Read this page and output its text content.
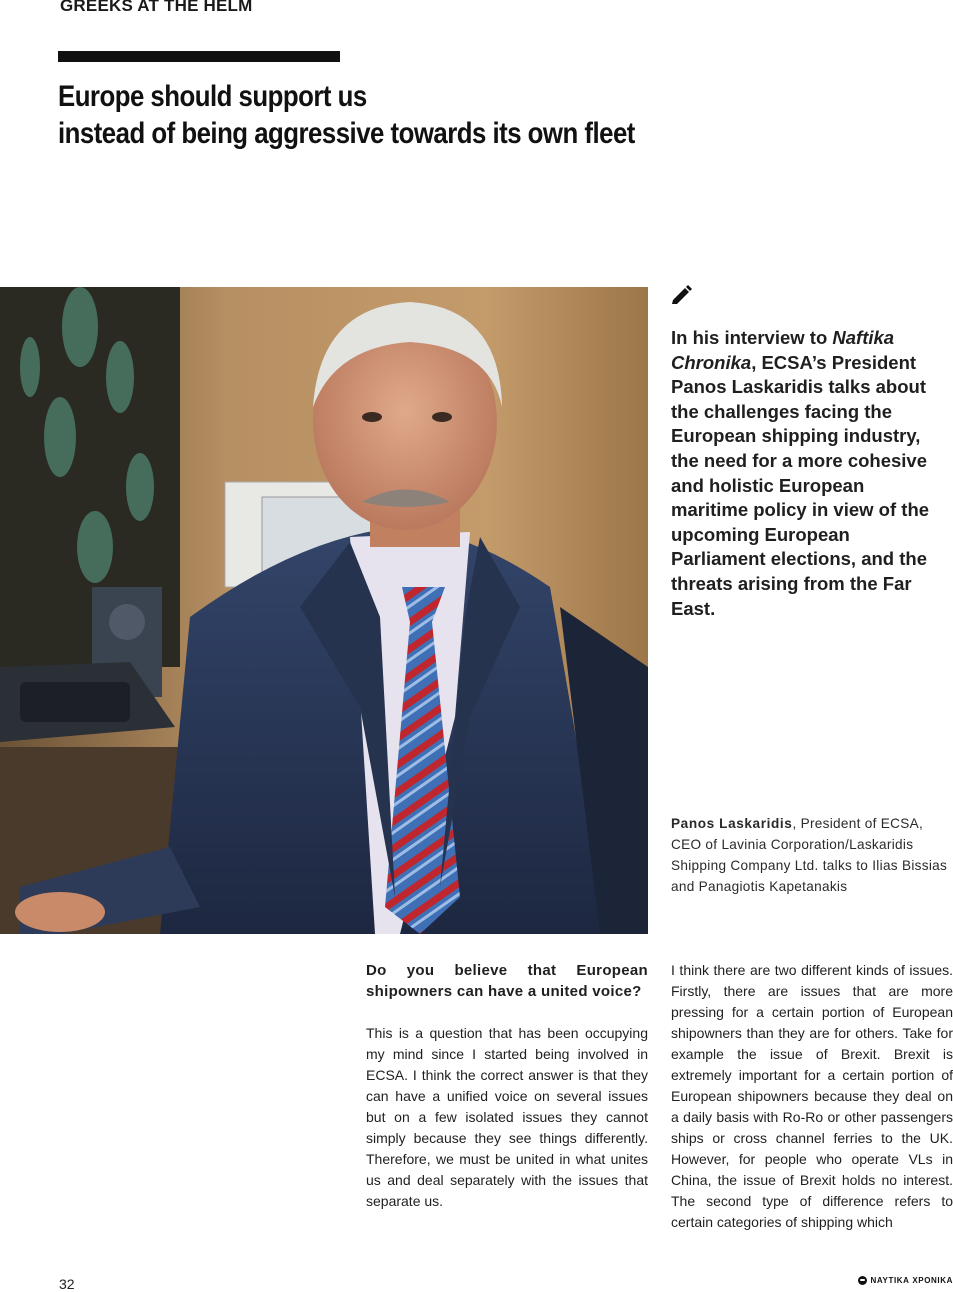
GREEKS AT THE HELM
Europe should support us
instead of being aggressive towards its own fleet
In his interview to Naftika Chronika, ECSA’s President Panos Laskaridis talks about the challenges facing the European shipping industry, the need for a more cohesive and holistic European maritime policy in view of the upcoming European Parliament elections, and the threats arising from the Far East.
Panos Laskaridis, President of ECSA, CEO of Lavinia Corporation/Laskaridis Shipping Company Ltd. talks to Ilias Bissias and Panagiotis Kapetanakis

Do you believe that European shipowners can have a united voice?

This is a question that has been occupying my mind since I started being involved in ECSA. I think the correct answer is that they can have a unified voice on several issues but on a few isolated issues they cannot simply because they see things differently. Therefore, we must be united in what unites us and deal separately with the issues that separate us.

I think there are two different kinds of issues. Firstly, there are issues that are more pressing for a certain portion of European shipowners than they are for others. Take for example the issue of Brexit. Brexit is extremely important for a certain portion of European shipowners because they deal on a daily basis with Ro-Ro or other passengers ships or cross channel ferries to the UK. However, for people who operate VLs in China, the issue of Brexit holds no interest. The second type of difference refers to certain categories of shipping which

32	ΝΑΥΤΙΚΑ ΧΡΟΝΙΚΑ
